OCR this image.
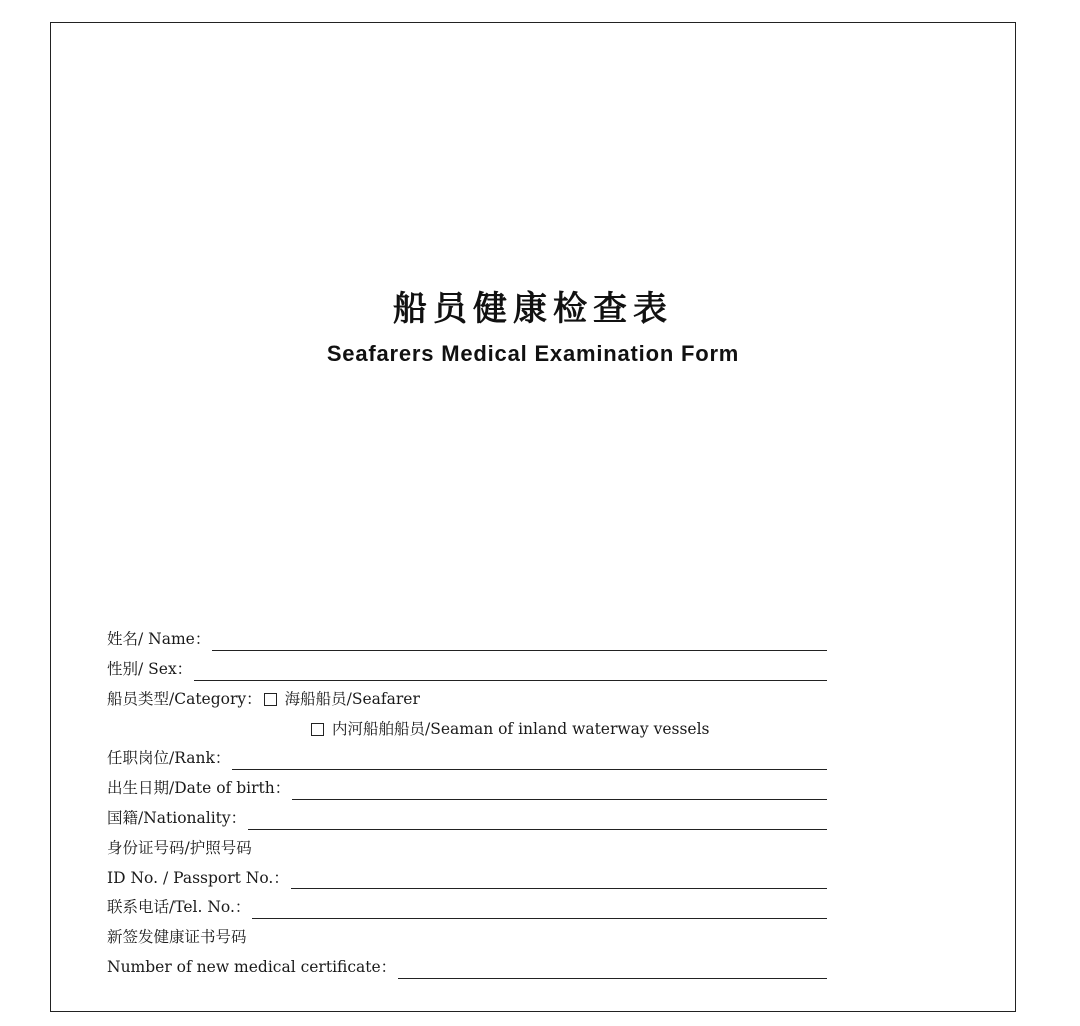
船员健康检查表
Seafarers Medical Examination Form
姓名/ Name：
性别/ Sex：
船员类型/Category： 海船船员/Seafarer
内河船舶船员/Seaman of inland waterway vessels
任职岗位/Rank：
出生日期/Date of birth：
国籍/Nationality：
身份证号码/护照号码
ID No. / Passport No.：
联系电话/Tel. No.：
新签发健康证书号码
Number of new medical certificate：
